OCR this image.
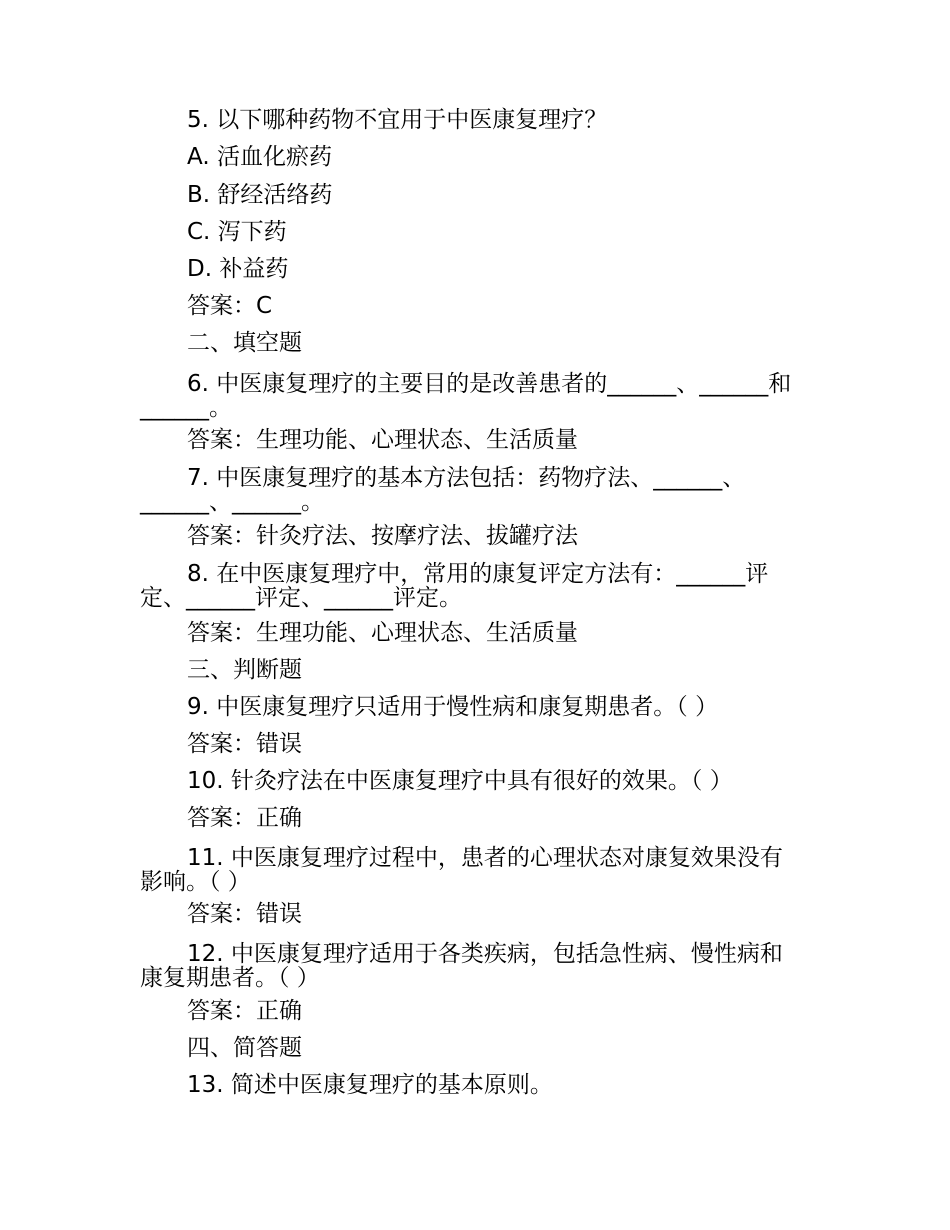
5. 以下哪种药物不宜用于中医康复理疗？
A. 活血化瘀药
B. 舒经活络药
C. 泻下药
D. 补益药
答案：C
二、填空题
6. 中医康复理疗的主要目的是改善患者的______、______和______。
答案：生理功能、心理状态、生活质量
7. 中医康复理疗的基本方法包括：药物疗法、______、______、______。
答案：针灸疗法、按摩疗法、拔罐疗法
8. 在中医康复理疗中，常用的康复评定方法有：______评定、______评定、______评定。
答案：生理功能、心理状态、生活质量
三、判断题
9. 中医康复理疗只适用于慢性病和康复期患者。（ ）
答案：错误
10. 针灸疗法在中医康复理疗中具有很好的效果。（ ）
答案：正确
11. 中医康复理疗过程中，患者的心理状态对康复效果没有影响。（ ）
答案：错误
12. 中医康复理疗适用于各类疾病，包括急性病、慢性病和康复期患者。（ ）
答案：正确
四、简答题
13. 简述中医康复理疗的基本原则。
